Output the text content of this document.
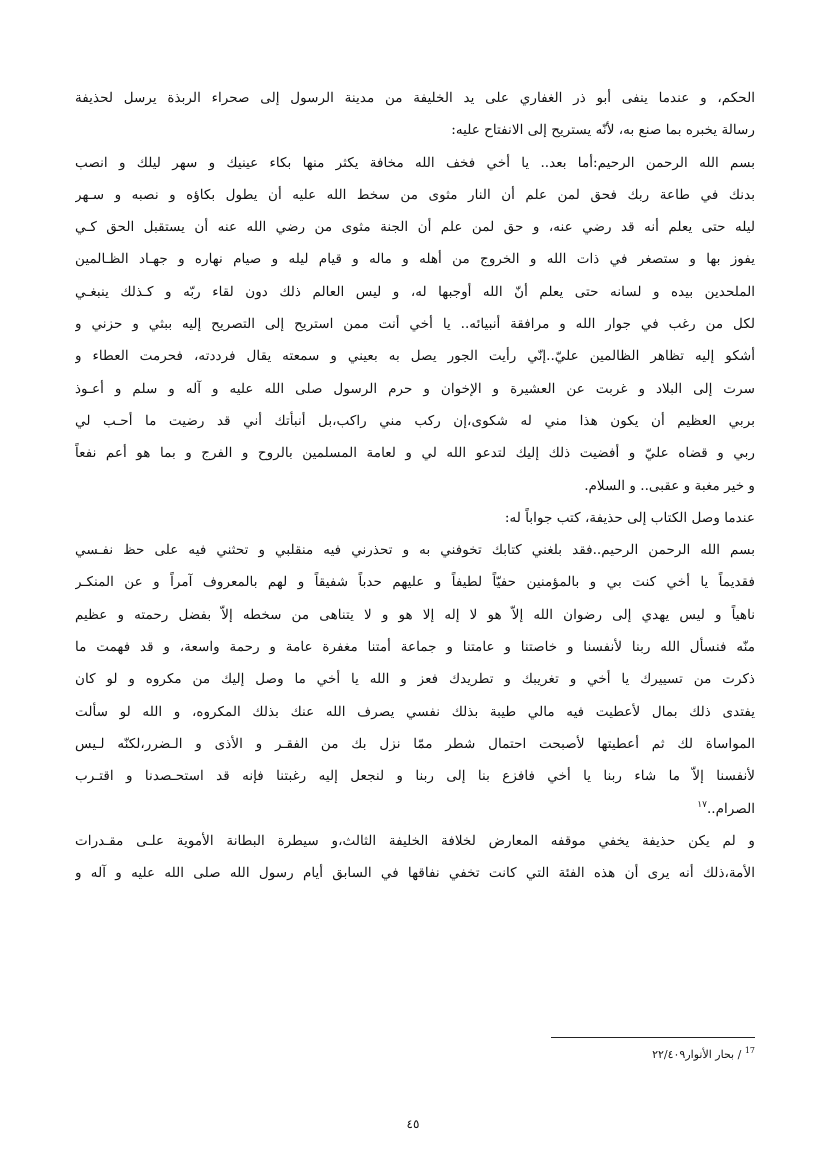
الحكم، و عندما ينفى أبو ذر الغفاري على يد الخليفة من مدينة الرسول إلى صحراء الربذة يرسل لحذيفة
رسالة يخبره بما صنع به، لأنّه يستريح إلى الانفتاح عليه:
بسم الله الرحمن الرحيم:أما بعد.. يا أخي فخف الله مخافة يكثر منها بكاء عينيك و سهر ليلك و انصب
بدنك في طاعة ربك فحق لمن علم أن النار مثوى من سخط الله عليه أن يطول بكاؤه و نصبه و سـهر
ليله حتى يعلم أنه قد رضي عنه، و حق لمن علم أن الجنة مثوى من رضي الله عنه أن يستقبل الحق كـي
يفوز بها و ستصغر في ذات الله و الخروج من أهله و ماله و قيام ليله و صيام نهاره و جهـاد الظـالمين
الملحدين بيده و لسانه حتى يعلم أنّ الله أوجبها له، و ليس العالم ذلك دون لقاء ربّه و كـذلك ينبغـي
لكل من رغب في جوار الله و مرافقة أنبيائه.. يا أخي أنت ممن استريح إلى التصريح إليه ببثي و حزني و
أشكو إليه تظاهر الظالمين عليّ..إنّي رأيت الجور يصل به بعيني و سمعته يقال فرددته، فحرمت العطاء و
سرت إلى البلاد و غربت عن العشيرة و الإخوان و حرم الرسول صلى الله عليه و آله و سلم و أعـوذ
بربي العظيم أن يكون هذا مني له شكوى،إن ركب مني راكب،بل أنبأتك أني قد رضيت ما أحـب لي
ربي و قضاه عليّ و أفضيت ذلك إليك لتدعو الله لي و لعامة المسلمين بالروح و الفرج و بما هو أعم نفعاً
و خير مغبة و عقبى.. و السلام.
عندما وصل الكتاب إلى حذيفة، كتب جواباً له:
بسم الله الرحمن الرحيم..فقد بلغني كتابك تخوفني به و تحذرني فيه منقلبي و تحثني فيه على حظ نفـسي
فقديماً يا أخي كنت بي و بالمؤمنين حفيّاً لطيفاً و عليهم حدباً شفيقاً و لهم بالمعروف آمراً و عن المنكـر
ناهياً و ليس يهدي إلى رضوان الله إلاّ هو لا إله إلا هو و لا يتناهى من سخطه إلاّ بفضل رحمته و عظيم
منّه فنسأل الله ربنا لأنفسنا و خاصتنا و عامتنا و جماعة أمتنا مغفرة عامة و رحمة واسعة، و قد فهمت ما
ذكرت من تسييرك يا أخي و تغريبك و تطريدك فعز و الله يا أخي ما وصل إليك من مكروه و لو كان
يفتدى ذلك بمال لأعطيت فيه مالي طيبة بذلك نفسي يصرف الله عنك بذلك المكروه، و الله لو سألت
المواساة لك ثم أعطيتها لأصبحت احتمال شطر ممّا نزل بك من الفقـر و الأذى و الـضرر،لكنّه لـيس
لأنفسنا إلاّ ما شاء ربنا يا أخي فافزع بنا إلى ربنا و لنجعل إليه رغبتنا فإنه قد استحـصدنا و اقتـرب
الصرام..$^{١٧}$
و لم يكن حذيفة يخفي موقفه المعارض لخلافة الخليفة الثالث،و سيطرة البطانة الأموية علـى مقـدرات
الأمة،ذلك أنه يرى أن هذه الفئة التي كانت تخفي نفاقها في السابق أيام رسول الله صلى الله عليه و آله و
$^{17}$ / بحار الأنوار٢٢/٤٠٩
٤٥
